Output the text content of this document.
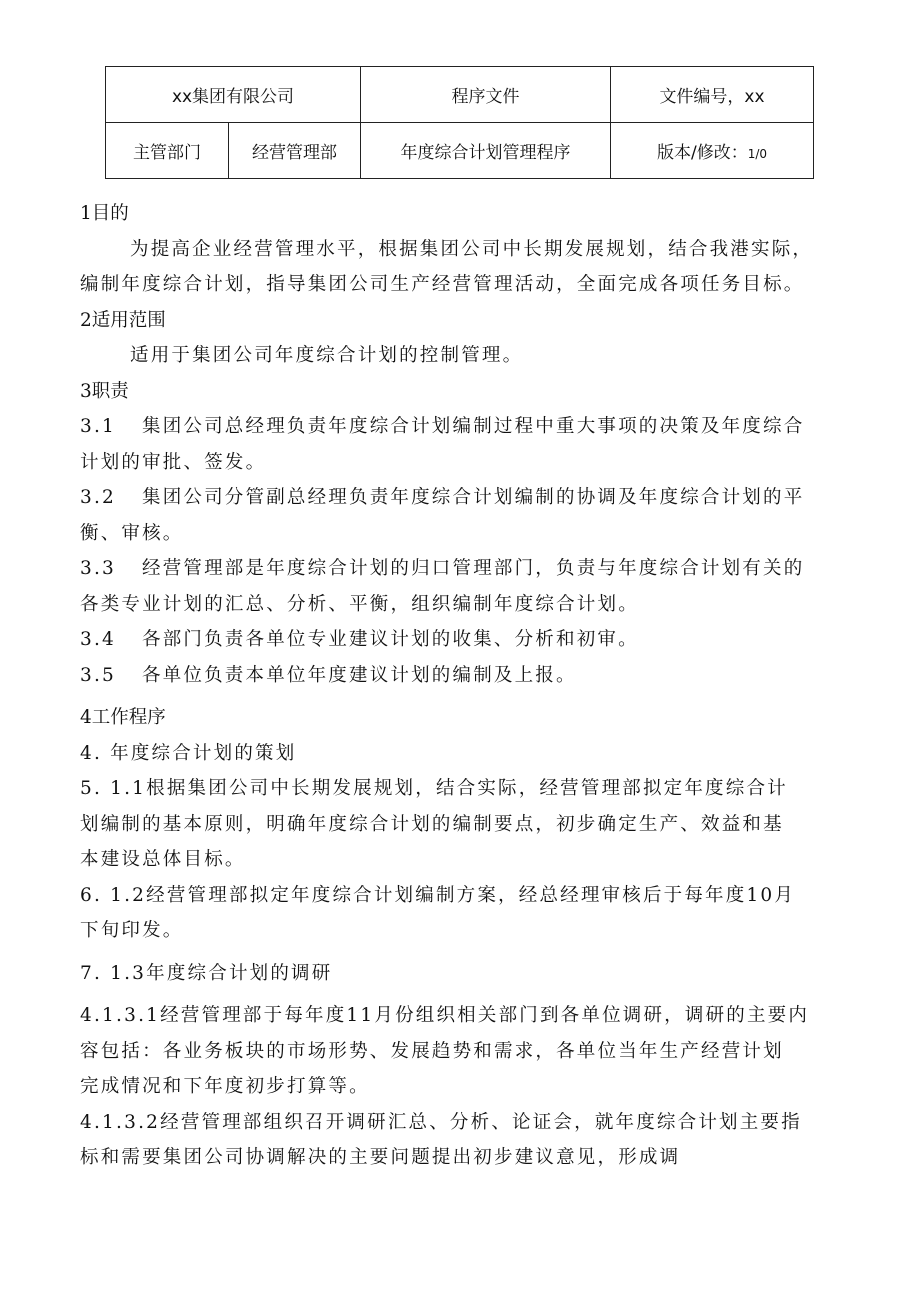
xx集团有限公司		程序文件	文件编号，xx
主管部门	经营管理部	年度综合计划管理程序	版本/修改：1/0
1目的
为提高企业经营管理水平，根据集团公司中长期发展规划，结合我港实际，
编制年度综合计划，指导集团公司生产经营管理活动，全面完成各项任务目标。
2适用范围
适用于集团公司年度综合计划的控制管理。
3职责
3.1 集团公司总经理负责年度综合计划编制过程中重大事项的决策及年度综合
计划的审批、签发。
3.2 集团公司分管副总经理负责年度综合计划编制的协调及年度综合计划的平
衡、审核。
3.3 经营管理部是年度综合计划的归口管理部门，负责与年度综合计划有关的
各类专业计划的汇总、分析、平衡，组织编制年度综合计划。
3.4 各部门负责各单位专业建议计划的收集、分析和初审。
3.5 各单位负责本单位年度建议计划的编制及上报。
4工作程序
4. 年度综合计划的策划
5. 1.1根据集团公司中长期发展规划，结合实际，经营管理部拟定年度综合计
划编制的基本原则，明确年度综合计划的编制要点，初步确定生产、效益和基
本建设总体目标。
6. 1.2经营管理部拟定年度综合计划编制方案，经总经理审核后于每年度10月
下旬印发。
7. 1.3年度综合计划的调研
4.1.3.1经营管理部于每年度11月份组织相关部门到各单位调研，调研的主要内
容包括：各业务板块的市场形势、发展趋势和需求，各单位当年生产经营计划
完成情况和下年度初步打算等。
4.1.3.2经营管理部组织召开调研汇总、分析、论证会，就年度综合计划主要指
标和需要集团公司协调解决的主要问题提出初步建议意见，形成调
